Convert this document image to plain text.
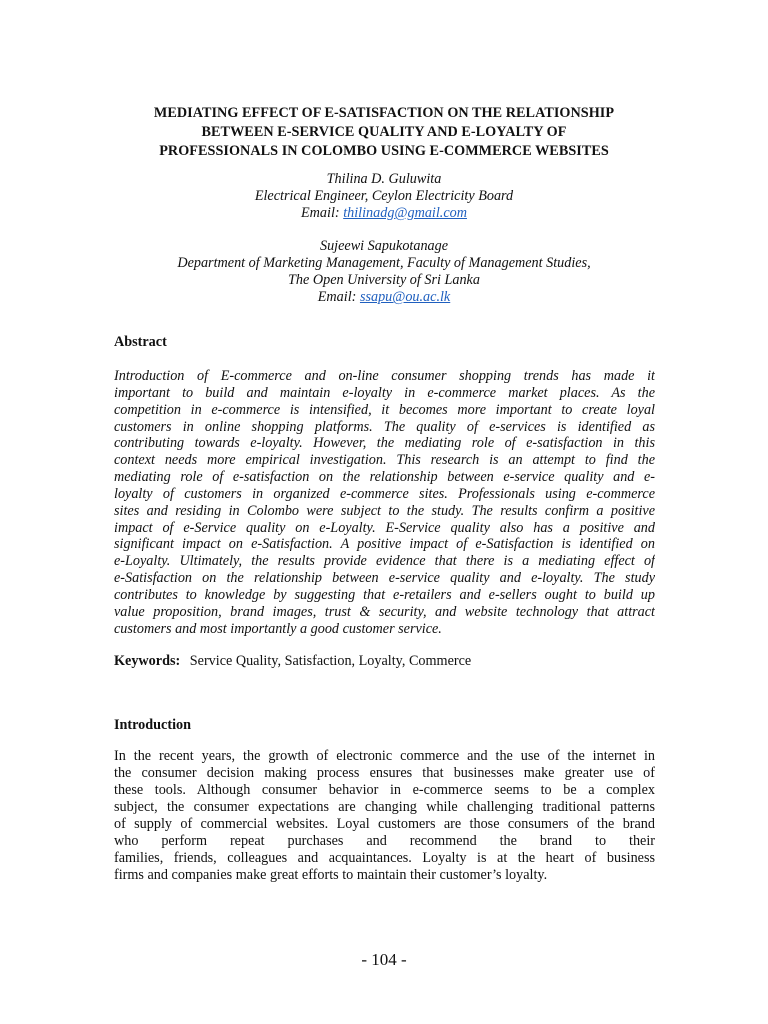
MEDIATING EFFECT OF E-SATISFACTION ON THE RELATIONSHIP
BETWEEN E-SERVICE QUALITY AND E-LOYALTY OF
PROFESSIONALS IN COLOMBO USING E-COMMERCE WEBSITES
Thilina D. Guluwita
Electrical Engineer, Ceylon Electricity Board
Email: thilinadg@gmail.com
Sujeewi Sapukotanage
Department of Marketing Management, Faculty of Management Studies,
The Open University of Sri Lanka
Email: ssapu@ou.ac.lk
Abstract
Introduction of E-commerce and on-line consumer shopping trends has made it
important to build and maintain e-loyalty in e-commerce market places. As the
competition in e-commerce is intensified, it becomes more important to create loyal
customers in online shopping platforms. The quality of e-services is identified as
contributing towards e-loyalty. However, the mediating role of e-satisfaction in this
context needs more empirical investigation. This research is an attempt to find the
mediating role of e-satisfaction on the relationship between e-service quality and e-
loyalty of customers in organized e-commerce sites. Professionals using e-commerce
sites and residing in Colombo were subject to the study. The results confirm a positive
impact of e-Service quality on e-Loyalty. E-Service quality also has a positive and
significant impact on e-Satisfaction. A positive impact of e-Satisfaction is identified on
e-Loyalty. Ultimately, the results provide evidence that there is a mediating effect of
e-Satisfaction on the relationship between e-service quality and e-loyalty. The study
contributes to knowledge by suggesting that e-retailers and e-sellers ought to build up
value proposition, brand images, trust & security, and website technology that attract
customers and most importantly a good customer service.
Keywords: Service Quality, Satisfaction, Loyalty, Commerce
Introduction
In the recent years, the growth of electronic commerce and the use of the internet in
the consumer decision making process ensures that businesses make greater use of
these tools. Although consumer behavior in e-commerce seems to be a complex
subject, the consumer expectations are changing while challenging traditional patterns
of supply of commercial websites. Loyal customers are those consumers of the brand
who perform repeat purchases and recommend the brand to their
families, friends, colleagues and acquaintances. Loyalty is at the heart of business
firms and companies make great efforts to maintain their customer’s loyalty.
- 104 -
